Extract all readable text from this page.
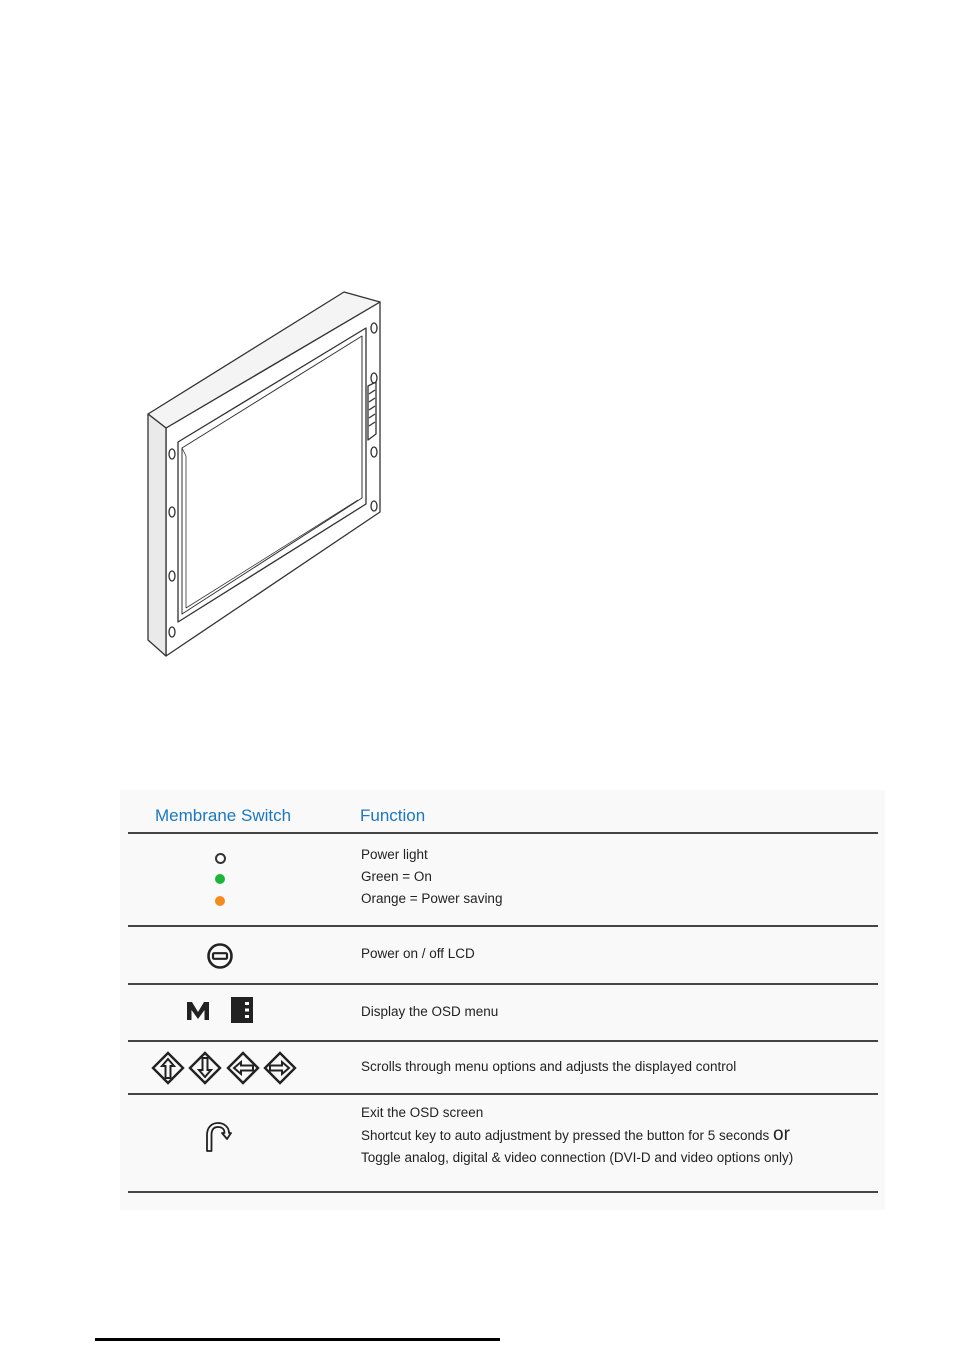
Membrane Switch	Function
Power light
Green = On
Orange = Power saving
Power on / off LCD
Display the OSD menu
Scrolls through menu options and adjusts the displayed control
Exit the OSD screen
Shortcut key to auto adjustment by pressed the button for 5 seconds or
Toggle analog, digital & video connection (DVI-D and video options only)
